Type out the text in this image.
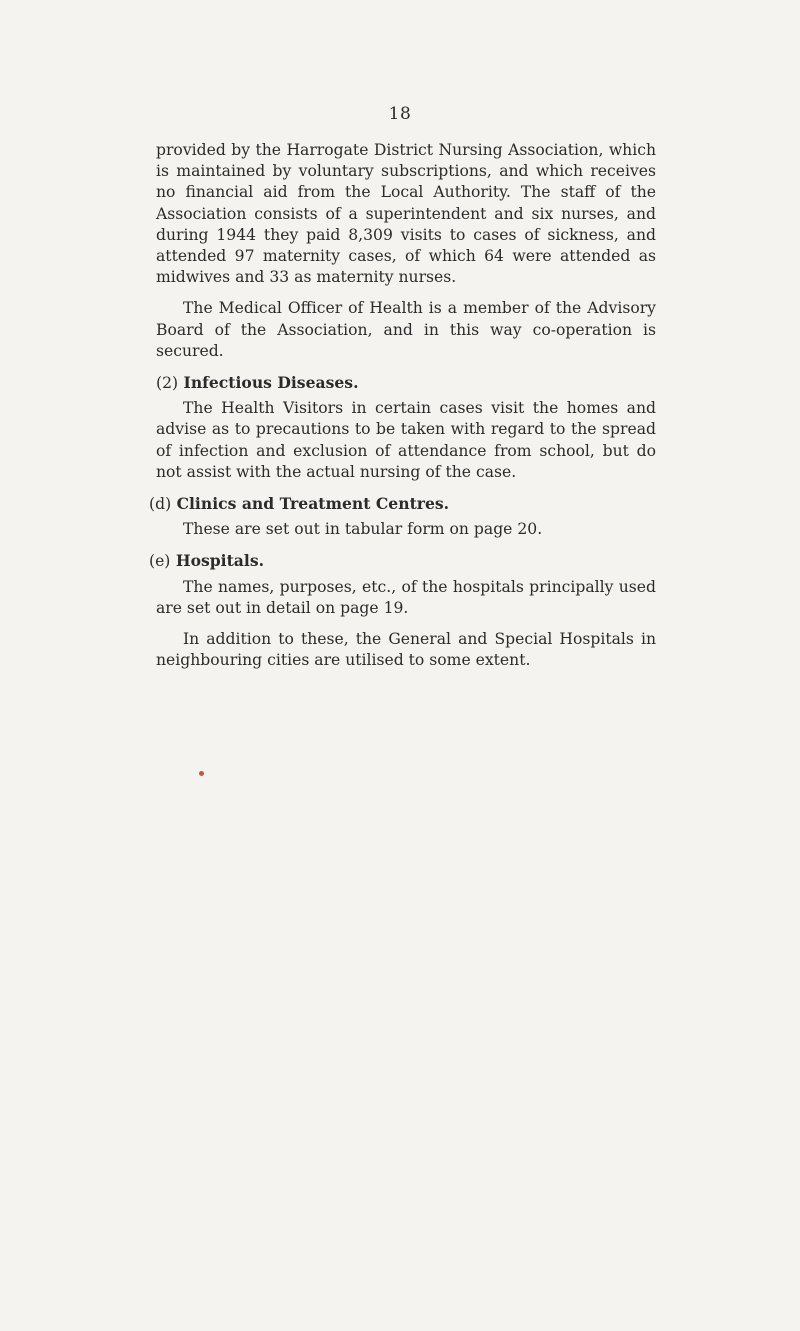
18

provided by the Harrogate District Nursing Association, which is maintained by voluntary subscriptions, and which receives no financial aid from the Local Authority. The staff of the Association consists of a superintendent and six nurses, and during 1944 they paid 8,309 visits to cases of sickness, and attended 97 maternity cases, of which 64 were attended as midwives and 33 as maternity nurses.

The Medical Officer of Health is a member of the Advisory Board of the Association, and in this way co-operation is secured.

(2) Infectious Diseases.

The Health Visitors in certain cases visit the homes and advise as to precautions to be taken with regard to the spread of infection and exclusion of attendance from school, but do not assist with the actual nursing of the case.

(d) Clinics and Treatment Centres.

These are set out in tabular form on page 20.

(e) Hospitals.

The names, purposes, etc., of the hospitals principally used are set out in detail on page 19.

In addition to these, the General and Special Hospitals in neighbouring cities are utilised to some extent.
